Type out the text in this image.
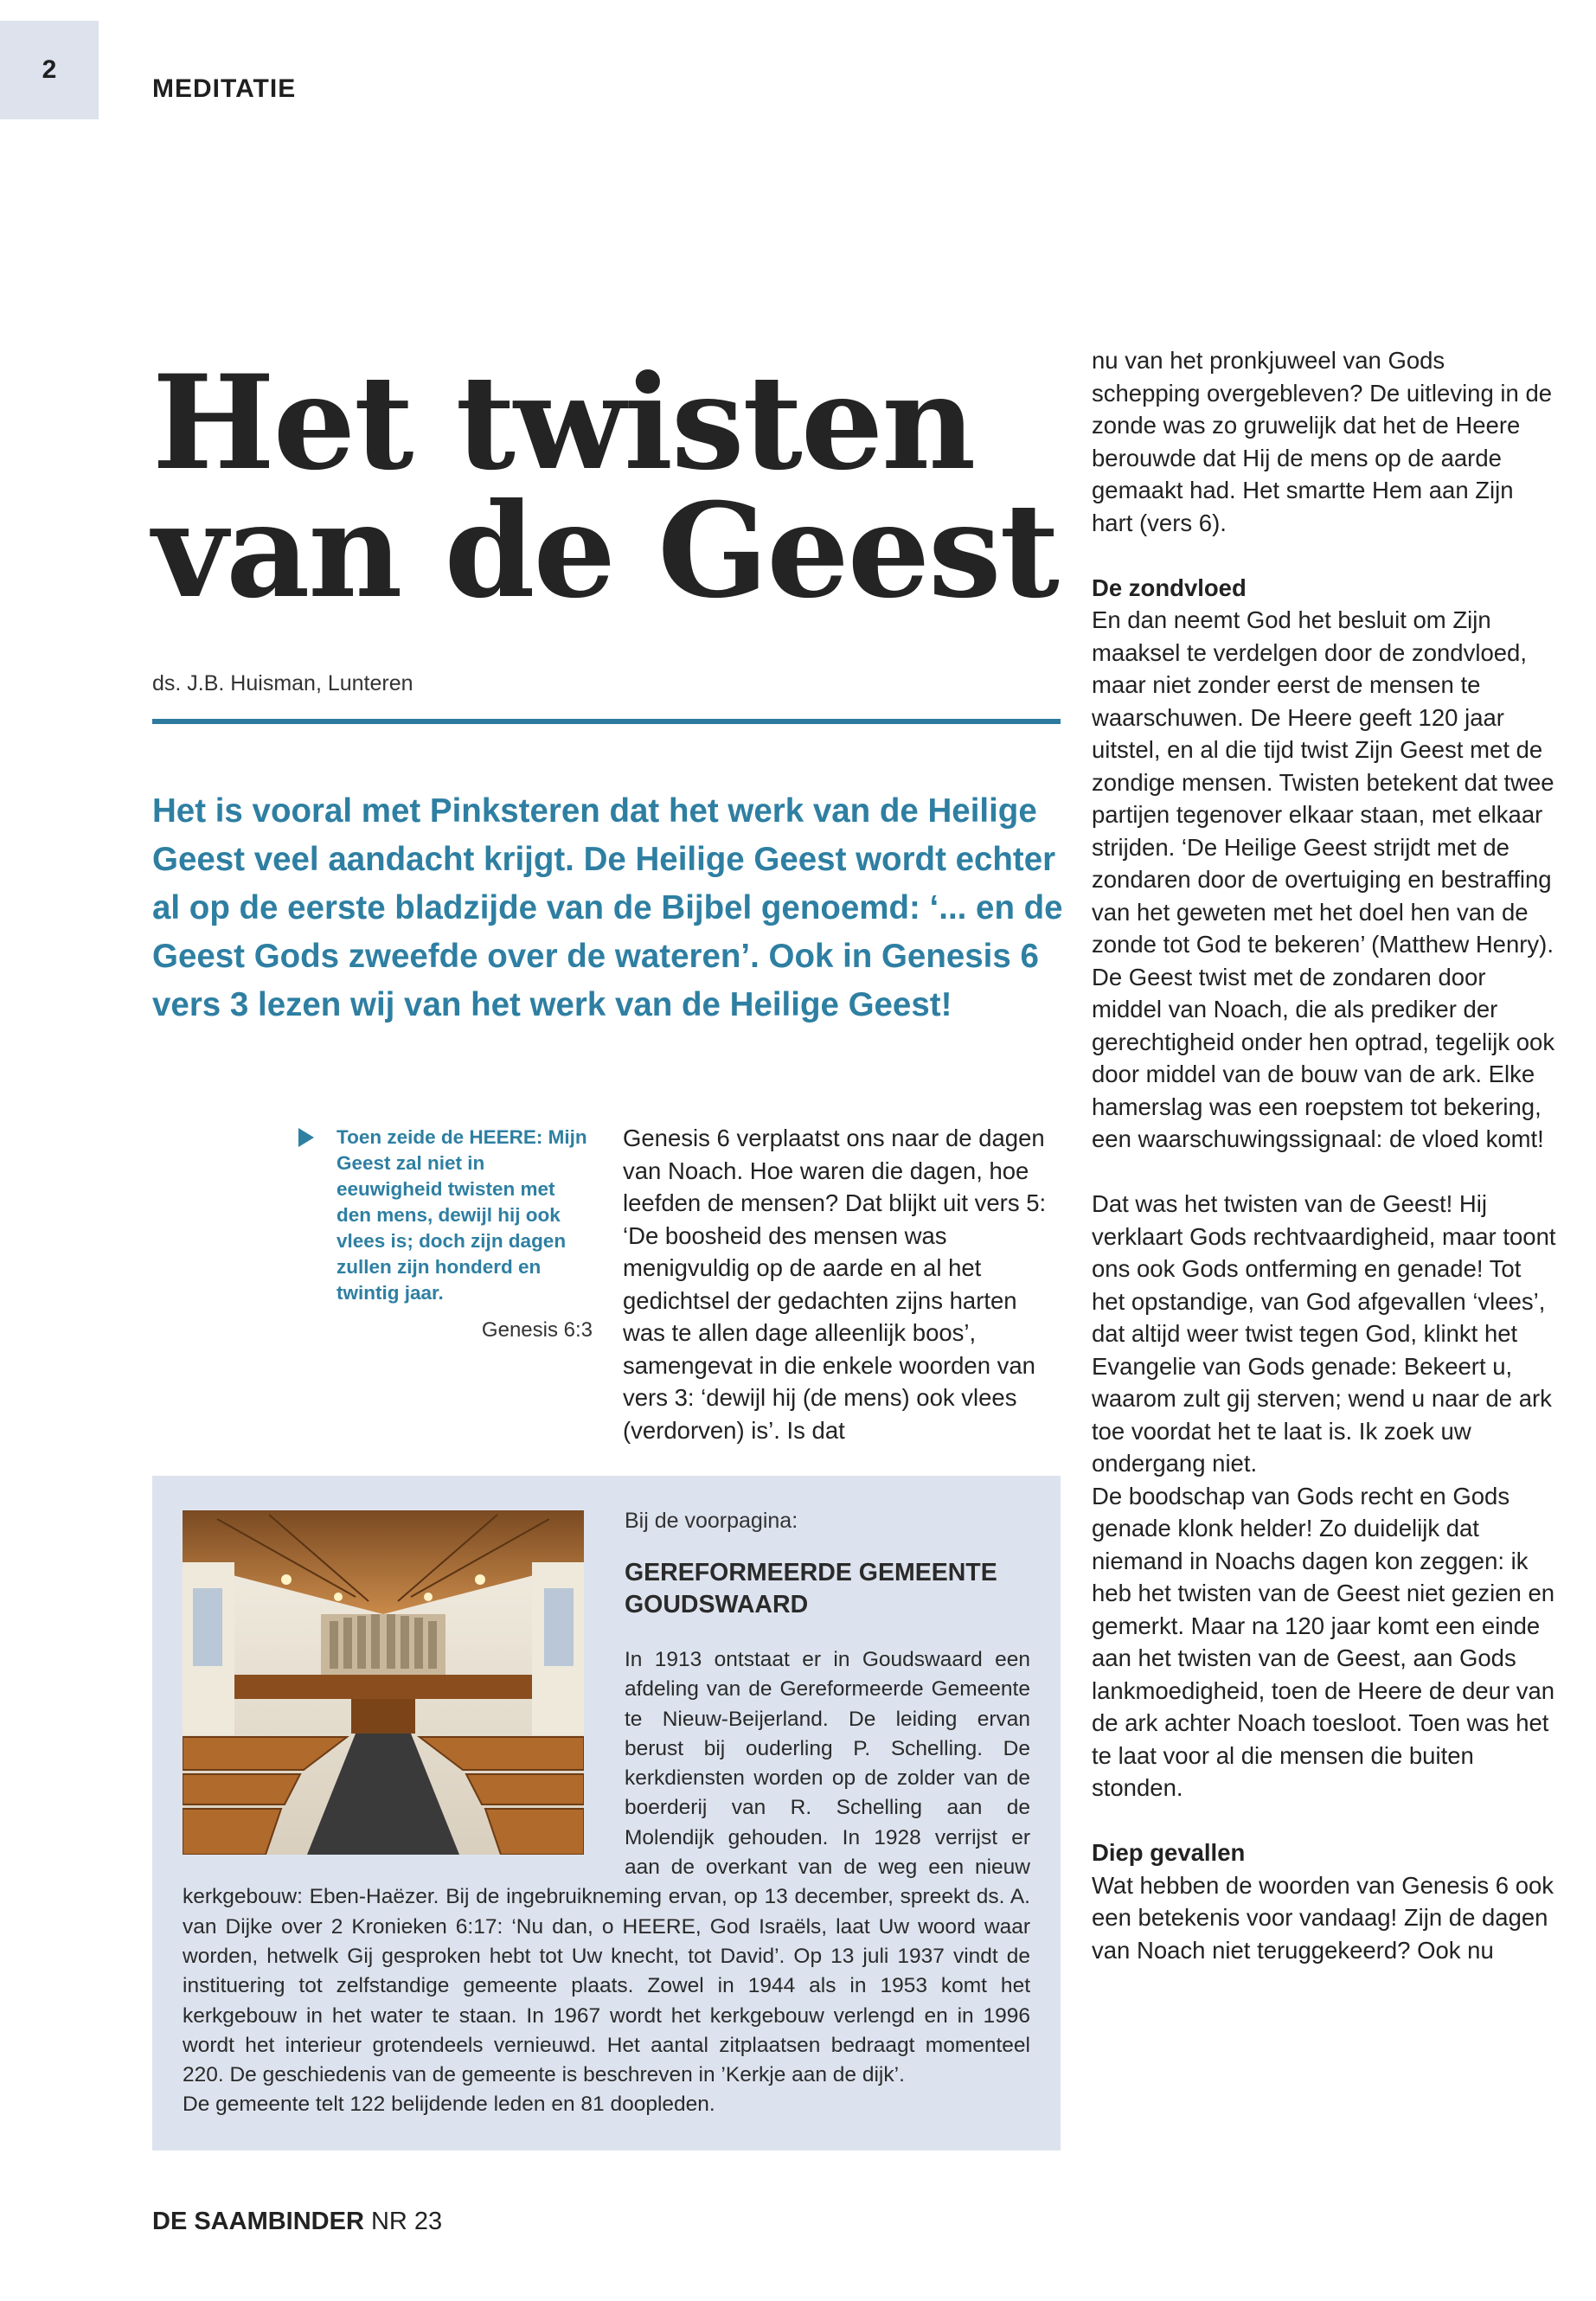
2
MEDITATIE
Het twisten
van de Geest
ds. J.B. Huisman, Lunteren

Het is vooral met Pinksteren dat het werk van de Heilige Geest veel aandacht krijgt. De Heilige Geest wordt echter al op de eerste bladzijde van de Bijbel genoemd: ‘... en de Geest Gods zweefde over de wateren’. Ook in Genesis 6 vers 3 lezen wij van het werk van de Heilige Geest!

Toen zeide de HEERE: Mijn Geest zal niet in eeuwigheid twisten met den mens, dewijl hij ook vlees is; doch zijn dagen zullen zijn honderd en twintig jaar.

Genesis 6:3

Genesis 6 verplaatst ons naar de dagen van Noach. Hoe waren die dagen, hoe leefden de mensen? Dat blijkt uit vers 5: ‘De boosheid des mensen was menigvuldig op de aarde en al het gedichtsel der gedachten zijns harten was te allen dage alleenlijk boos’, samengevat in die enkele woorden van vers 3: ‘dewijl hij (de mens) ook vlees (verdorven) is’. Is dat

nu van het pronkjuweel van Gods schepping overgebleven? De uitleving in de zonde was zo gruwelijk dat het de Heere berouwde dat Hij de mens op de aarde gemaakt had. Het smartte Hem aan Zijn hart (vers 6).

De zondvloed

En dan neemt God het besluit om Zijn maaksel te verdelgen door de zondvloed, maar niet zonder eerst de mensen te waarschuwen. De Heere geeft 120 jaar uitstel, en al die tijd twist Zijn Geest met de zondige mensen. Twisten betekent dat twee partijen tegenover elkaar staan, met elkaar strijden. ‘De Heilige Geest strijdt met de zondaren door de overtuiging en bestraffing van het geweten met het doel hen van de zonde tot God te bekeren’ (Matthew Henry). De Geest twist met de zondaren door middel van Noach, die als prediker der gerechtigheid onder hen optrad, tegelijk ook door middel van de bouw van de ark. Elke hamerslag was een roepstem tot bekering, een waarschuwingssignaal: de vloed komt!

Dat was het twisten van de Geest! Hij verklaart Gods rechtvaardigheid, maar toont ons ook Gods ontferming en genade! Tot het opstandige, van God afgevallen ‘vlees’, dat altijd weer twist tegen God, klinkt het Evangelie van Gods genade: Bekeert u, waarom zult gij sterven; wend u naar de ark toe voordat het te laat is. Ik zoek uw ondergang niet.

De boodschap van Gods recht en Gods genade klonk helder! Zo duidelijk dat niemand in Noachs dagen kon zeggen: ik heb het twisten van de Geest niet gezien en gemerkt. Maar na 120 jaar komt een einde aan het twisten van de Geest, aan Gods lankmoedigheid, toen de Heere de deur van de ark achter Noach toesloot. Toen was het te laat voor al die mensen die buiten stonden.

Diep gevallen

Wat hebben de woorden van Genesis 6 ook een betekenis voor vandaag! Zijn de dagen van Noach niet teruggekeerd? Ook nu

Bij de voorpagina:
GEREFORMEERDE GEMEENTE GOUDSWAARD

In 1913 ontstaat er in Goudswaard een afdeling van de Gereformeerde Gemeente te Nieuw-Beijerland. De leiding ervan berust bij ouderling P. Schelling. De kerkdiensten worden op de zolder van de boerderij van R. Schelling aan de Molendijk gehouden. In 1928 verrijst er aan de overkant van de weg een nieuw kerkgebouw: Eben-Haëzer. Bij de ingebruikneming ervan, op 13 december, spreekt ds. A. van Dijke over 2 Kronieken 6:17: ‘Nu dan, o HEERE, God Israëls, laat Uw woord waar worden, hetwelk Gij gesproken hebt tot Uw knecht, tot David’. Op 13 juli 1937 vindt de instituering tot zelfstandige gemeente plaats. Zowel in 1944 als in 1953 komt het kerkgebouw in het water te staan. In 1967 wordt het kerkgebouw verlengd en in 1996 wordt het interieur grotendeels vernieuwd. Het aantal zitplaatsen bedraagt momenteel 220. De geschiedenis van de gemeente is beschreven in ’Kerkje aan de dijk’.
De gemeente telt 122 belijdende leden en 81 doopleden.

DE SAAMBINDER NR 23
